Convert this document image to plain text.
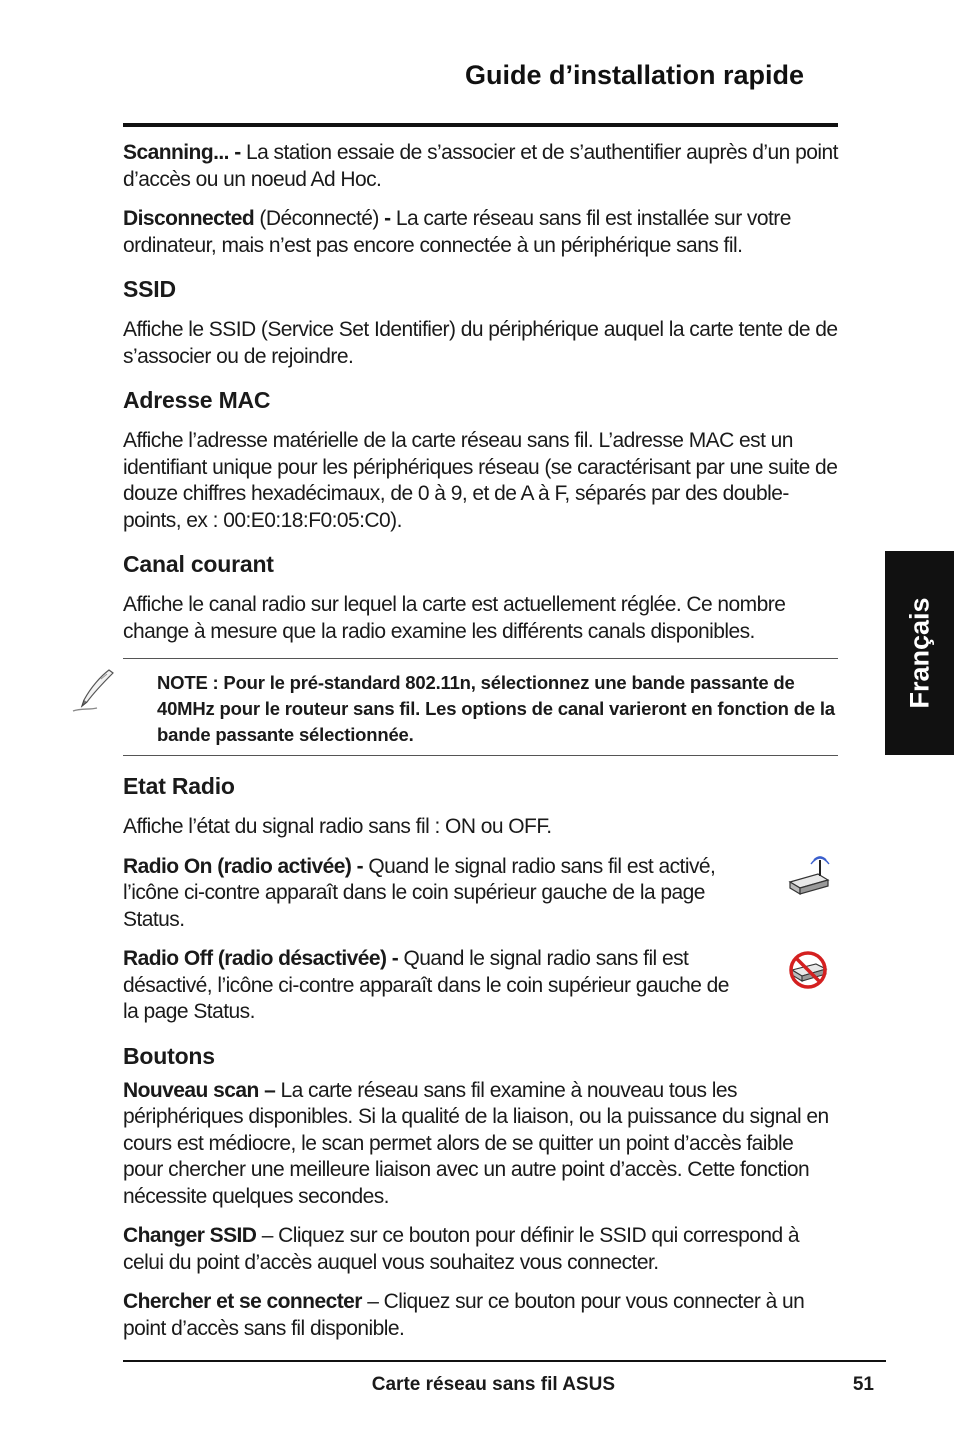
Guide d’installation rapide

Scanning... - La station essaie de s’associer et de s’authentifier auprès d’un point d’accès ou un noeud Ad Hoc.

Disconnected (Déconnecté) - La carte réseau sans fil est installée sur votre ordinateur, mais n’est pas encore connectée à un périphérique sans fil.

SSID

Affiche le SSID (Service Set Identifier) du périphérique auquel la carte tente de de s’associer ou de rejoindre.

Adresse MAC

Affiche l’adresse matérielle de la carte réseau sans fil. L’adresse MAC est un identifiant unique pour les périphériques réseau (se caractérisant par une suite de douze chiffres hexadécimaux, de 0 à 9, et de A à F, séparés par des double-points, ex : 00:E0:18:F0:05:C0).

Canal courant

Affiche le canal radio sur lequel la carte est actuellement réglée. Ce nombre change à mesure que la radio examine les différents canals disponibles.

NOTE : Pour le pré-standard 802.11n, sélectionnez une bande passante de 40MHz pour le routeur sans fil. Les options de canal varieront en fonction de la bande passante sélectionnée.
Etat Radio

Affiche l’état du signal radio sans fil : ON ou OFF.

Radio On (radio activée) - Quand le signal radio sans fil est activé, l’icône ci-contre apparaît dans le coin supérieur gauche de la page Status.

Radio Off (radio désactivée) - Quand le signal radio sans fil est désactivé, l’icône ci-contre apparaît dans le coin supérieur gauche de la page Status.

Boutons

Nouveau scan – La carte réseau sans fil examine à nouveau tous les périphériques disponibles. Si la qualité de la liaison, ou la puissance du signal en cours est médiocre, le scan permet alors de se quitter un point d’accès faible pour chercher une meilleure liaison avec un autre point d’accès. Cette fonction nécessite quelques secondes.

Changer SSID – Cliquez sur ce bouton pour définir le SSID qui correspond à celui du point d’accès auquel vous souhaitez vous connecter.

Chercher et se connecter – Cliquez sur ce bouton pour vous connecter à un point d’accès sans fil disponible.

Français
Carte réseau sans fil ASUS	51
